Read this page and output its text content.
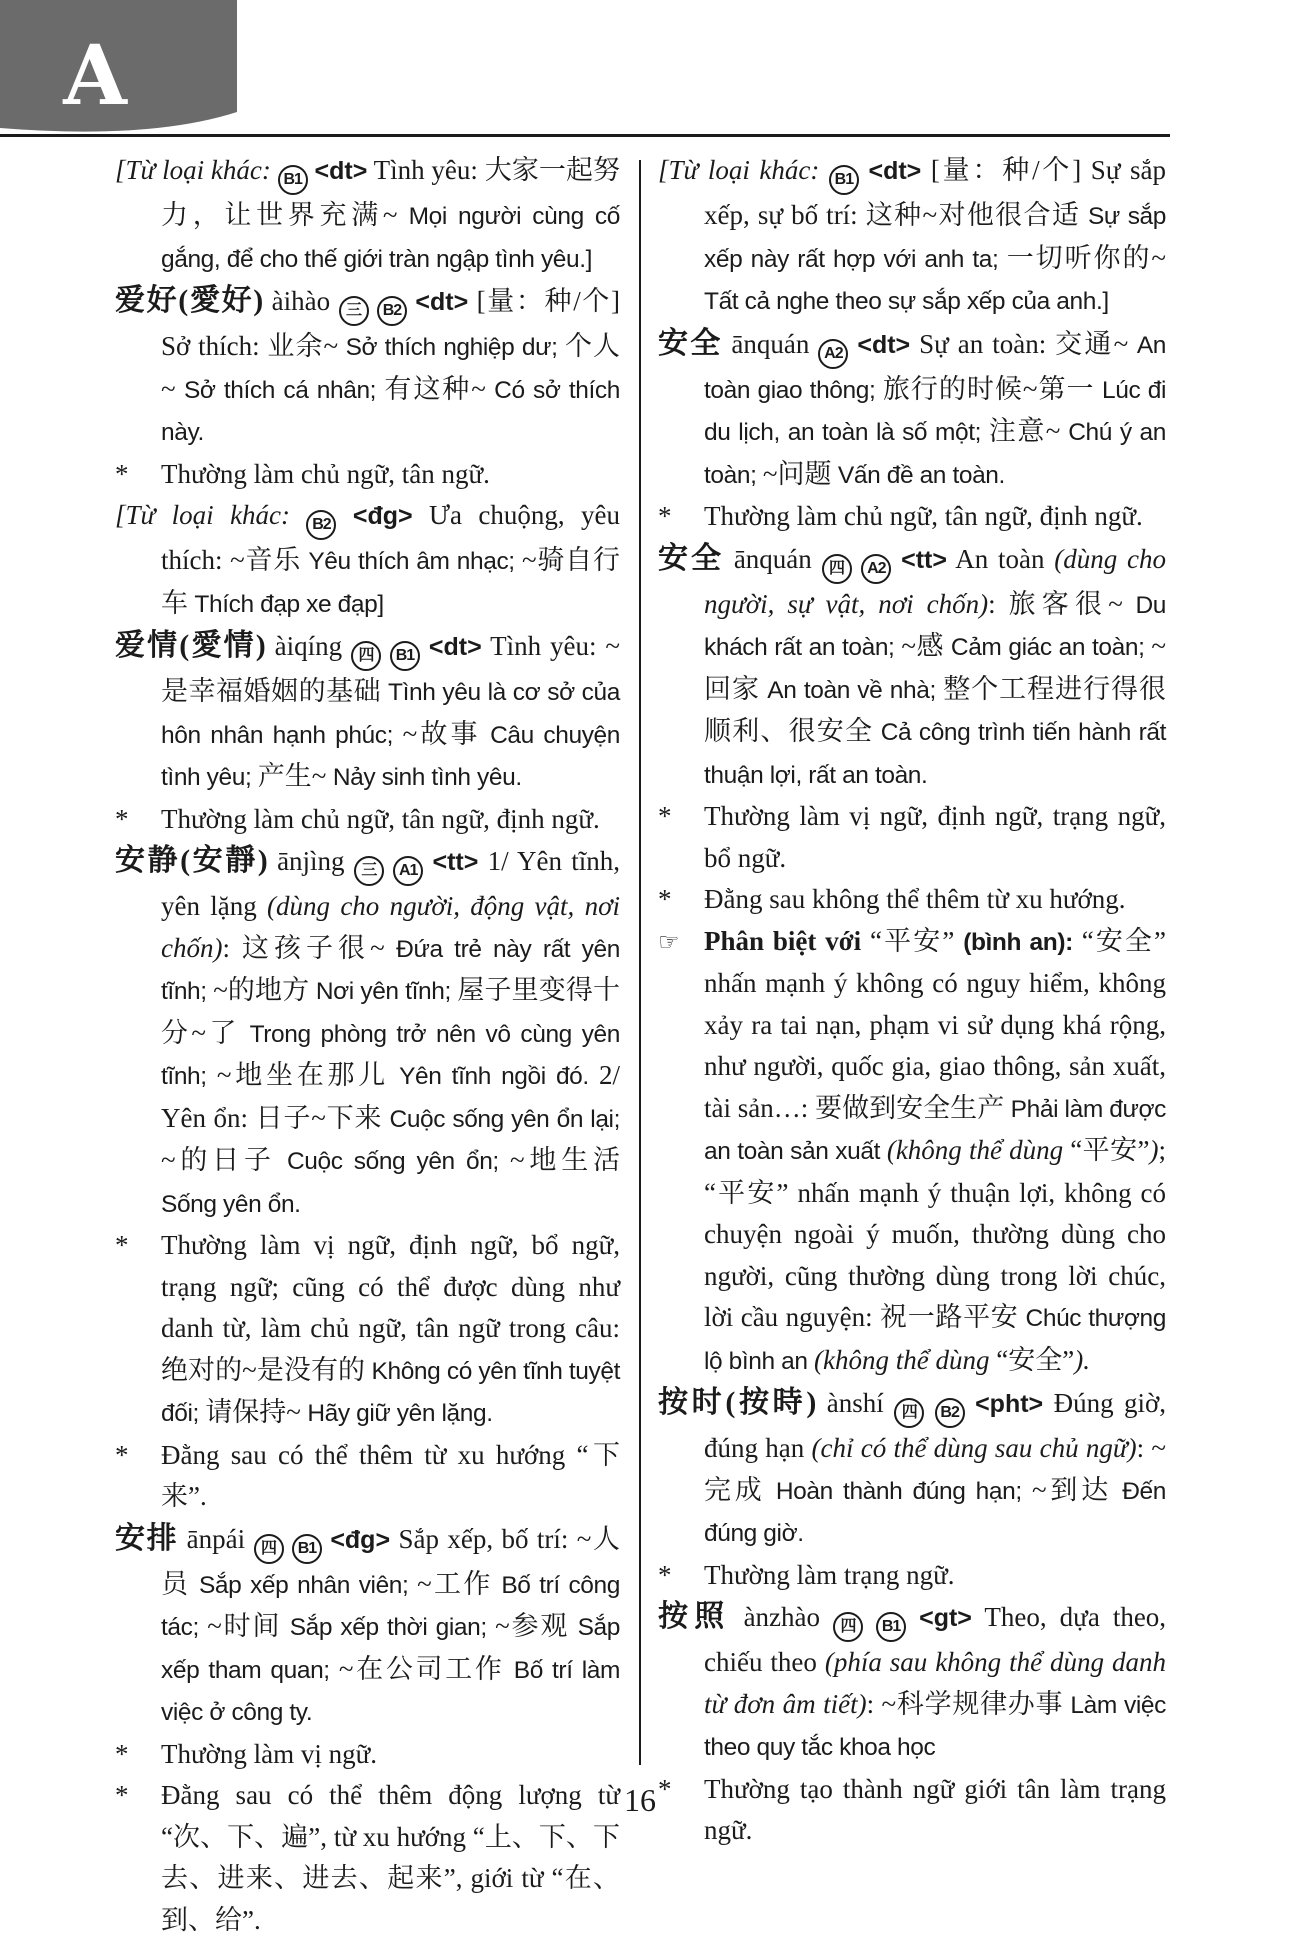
A

[Từ loại khác: B1 <dt> Tình yêu: 大家一起努力，让世界充满~ Mọi người cùng cố gắng, để cho thế giới tràn ngập tình yêu.]

爱好(愛好) àihào 三 B2 <dt> [量：种/个] Sở thích: 业余~ Sở thích nghiệp dư; 个人~ Sở thích cá nhân; 有这种~ Có sở thích này.

* Thường làm chủ ngữ, tân ngữ.

[Từ loại khác: B2 <đg> Ưa chuộng, yêu thích: ~音乐 Yêu thích âm nhạc; ~骑自行车 Thích đạp xe đạp]

爱情(愛情) àiqíng 四 B1 <dt> Tình yêu: ~是幸福婚姻的基础 Tình yêu là cơ sở của hôn nhân hạnh phúc; ~故事 Câu chuyện tình yêu; 产生~ Nảy sinh tình yêu.

* Thường làm chủ ngữ, tân ngữ, định ngữ.

安静(安靜) ānjìng 三 A1 <tt> 1/ Yên tĩnh, yên lặng (dùng cho người, động vật, nơi chốn): 这孩子很~ Đứa trẻ này rất yên tĩnh; ~的地方 Nơi yên tĩnh; 屋子里变得十分~了 Trong phòng trở nên vô cùng yên tĩnh; ~地坐在那儿 Yên tĩnh ngồi đó. 2/ Yên ổn: 日子~下来 Cuộc sống yên ổn lại; ~的日子 Cuộc sống yên ổn; ~地生活 Sống yên ổn.

* Thường làm vị ngữ, định ngữ, bổ ngữ, trạng ngữ; cũng có thể được dùng như danh từ, làm chủ ngữ, tân ngữ trong câu: 绝对的~是没有的 Không có yên tĩnh tuyệt đối; 请保持~ Hãy giữ yên lặng.

* Đằng sau có thể thêm từ xu hướng “下来”.

安排 ānpái 四 B1 <đg> Sắp xếp, bố trí: ~人员 Sắp xếp nhân viên; ~工作 Bố trí công tác; ~时间 Sắp xếp thời gian; ~参观 Sắp xếp tham quan; ~在公司工作 Bố trí làm việc ở công ty.

* Thường làm vị ngữ.

* Đằng sau có thể thêm động lượng từ “次、下、遍”, từ xu hướng “上、下、下去、进来、进去、起来”, giới từ “在、到、给”.

[Từ loại khác: B1 <dt> [量：种/个] Sự sắp xếp, sự bố trí: 这种~对他很合适 Sự sắp xếp này rất hợp với anh ta; 一切听你的~ Tất cả nghe theo sự sắp xếp của anh.]

安全 ānquán A2 <dt> Sự an toàn: 交通~ An toàn giao thông; 旅行的时候~第一 Lúc đi du lịch, an toàn là số một; 注意~ Chú ý an toàn; ~问题 Vấn đề an toàn.

* Thường làm chủ ngữ, tân ngữ, định ngữ.

安全 ānquán 四 A2 <tt> An toàn (dùng cho người, sự vật, nơi chốn): 旅客很~ Du khách rất an toàn; ~感 Cảm giác an toàn; ~回家 An toàn về nhà; 整个工程进行得很顺利、很安全 Cả công trình tiến hành rất thuận lợi, rất an toàn.

* Thường làm vị ngữ, định ngữ, trạng ngữ, bổ ngữ.

* Đằng sau không thể thêm từ xu hướng.

☞ Phân biệt với “平安” (bình an): “安全” nhấn mạnh ý không có nguy hiểm, không xảy ra tai nạn, phạm vi sử dụng khá rộng, như người, quốc gia, giao thông, sản xuất, tài sản…: 要做到安全生产 Phải làm được an toàn sản xuất (không thể dùng “平安”); “平安” nhấn mạnh ý thuận lợi, không có chuyện ngoài ý muốn, thường dùng cho người, cũng thường dùng trong lời chúc, lời cầu nguyện: 祝一路平安 Chúc thượng lộ bình an (không thể dùng “安全”).

按时(按時) ànshí 四 B2 <pht> Đúng giờ, đúng hạn (chỉ có thể dùng sau chủ ngữ): ~完成 Hoàn thành đúng hạn; ~到达 Đến đúng giờ.

* Thường làm trạng ngữ.

按照 ànzhào 四 B1 <gt> Theo, dựa theo, chiếu theo (phía sau không thể dùng danh từ đơn âm tiết): ~科学规律办事 Làm việc theo quy tắc khoa học

* Thường tạo thành ngữ giới tân làm trạng ngữ.

16
